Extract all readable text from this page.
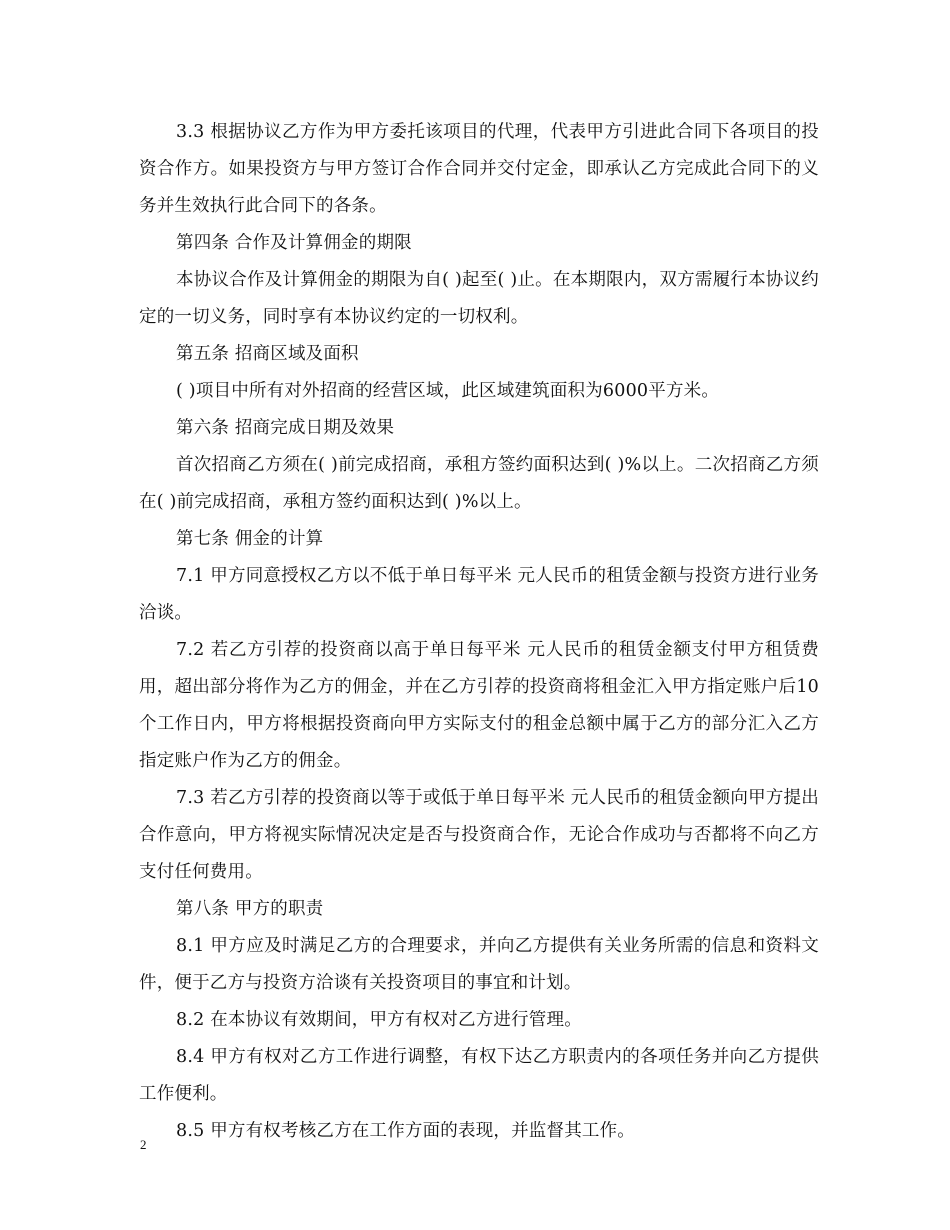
3.3 根据协议乙方作为甲方委托该项目的代理，代表甲方引进此合同下各项目的投资合作方。如果投资方与甲方签订合作合同并交付定金，即承认乙方完成此合同下的义务并生效执行此合同下的各条。

第四条 合作及计算佣金的期限

本协议合作及计算佣金的期限为自( )起至( )止。在本期限内，双方需履行本协议约定的一切义务，同时享有本协议约定的一切权利。

第五条 招商区域及面积

( )项目中所有对外招商的经营区域，此区域建筑面积为6000平方米。

第六条 招商完成日期及效果

首次招商乙方须在( )前完成招商，承租方签约面积达到( )%以上。二次招商乙方须在( )前完成招商，承租方签约面积达到( )%以上。

第七条 佣金的计算

7.1 甲方同意授权乙方以不低于单日每平米 元人民币的租赁金额与投资方进行业务洽谈。

7.2 若乙方引荐的投资商以高于单日每平米 元人民币的租赁金额支付甲方租赁费用，超出部分将作为乙方的佣金，并在乙方引荐的投资商将租金汇入甲方指定账户后10个工作日内，甲方将根据投资商向甲方实际支付的租金总额中属于乙方的部分汇入乙方指定账户作为乙方的佣金。

7.3 若乙方引荐的投资商以等于或低于单日每平米 元人民币的租赁金额向甲方提出合作意向，甲方将视实际情况决定是否与投资商合作，无论合作成功与否都将不向乙方支付任何费用。

第八条 甲方的职责

8.1 甲方应及时满足乙方的合理要求，并向乙方提供有关业务所需的信息和资料文件，便于乙方与投资方洽谈有关投资项目的事宜和计划。

8.2 在本协议有效期间，甲方有权对乙方进行管理。

8.4 甲方有权对乙方工作进行调整，有权下达乙方职责内的各项任务并向乙方提供工作便利。

8.5 甲方有权考核乙方在工作方面的表现，并监督其工作。

2
